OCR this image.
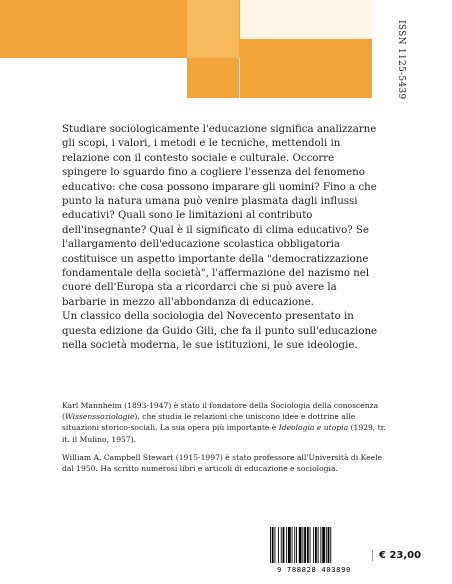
ISSN 1125-5439

Studiare sociologicamente l'educazione significa analizzarne gli scopi, i valori, i metodi e le tecniche, mettendoli in relazione con il contesto sociale e culturale. Occorre spingere lo sguardo fino a cogliere l'essenza del fenomeno educativo: che cosa possono imparare gli uomini? Fino a che punto la natura umana può venire plasmata dagli influssi educativi? Quali sono le limitazioni al contributo dell'insegnante? Qual è il significato di clima educativo? Se l'allargamento dell'educazione scolastica obbligatoria costituisce un aspetto importante della "democratizzazione fondamentale della società", l'affermazione del nazismo nel cuore dell'Europa sta a ricordarci che si può avere la barbarie in mezzo all'abbondanza di educazione.

Un classico della sociologia del Novecento presentato in questa edizione da Guido Gili, che fa il punto sull'educazione nella società moderna, le sue istituzioni, le sue ideologie.

Karl Mannheim (1893-1947) è stato il fondatore della Sociologia della conoscenza (Wissenssoziologie), che studia le relazioni che uniscono idee e dottrine alle situazioni storico-sociali. La sua opera più importante è Ideologia e utopia (1929, tr. it. il Mulino, 1957).

William A. Campbell Stewart (1915-1997) è stato professore all'Università di Keele dal 1950. Ha scritto numerosi libri e articoli di educazione e sociologia.

9 788828 403890
€ 23,00
